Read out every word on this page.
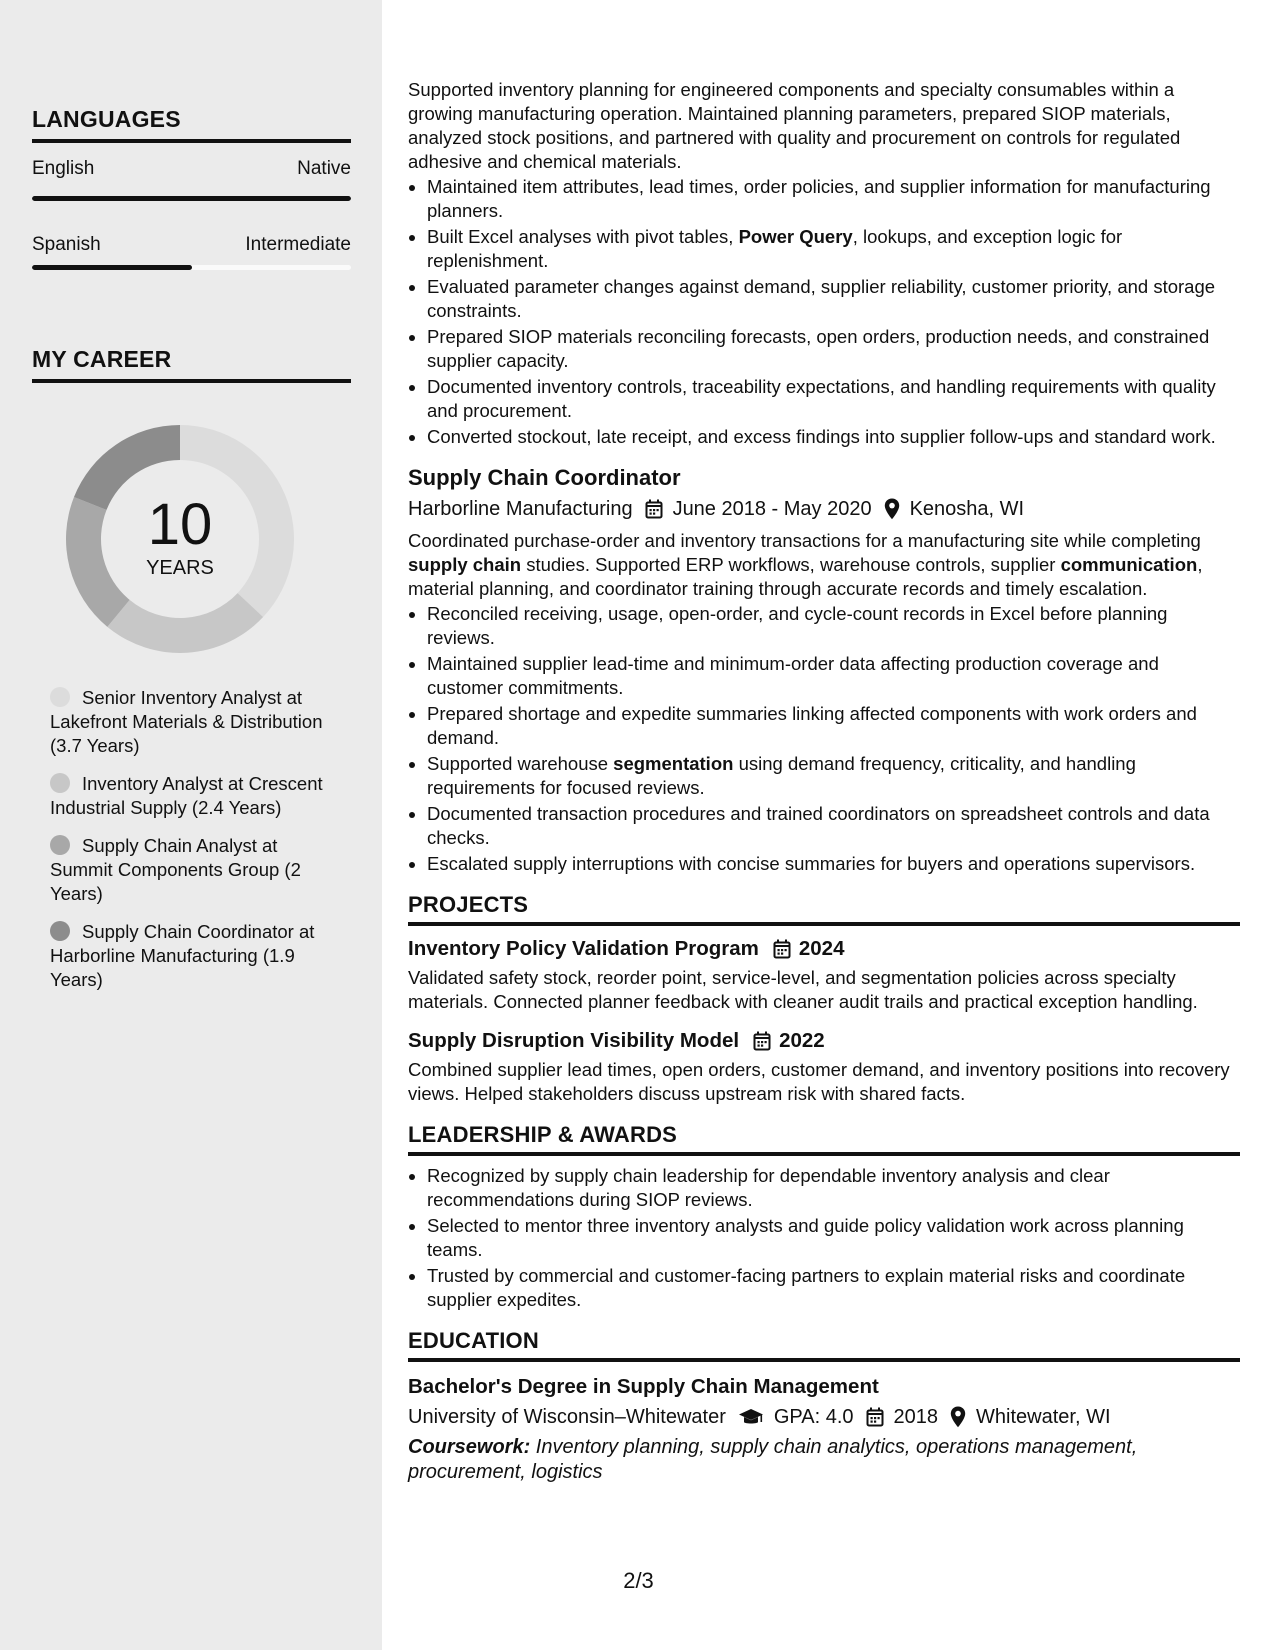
LANGUAGES
English	Native
Spanish	Intermediate
MY CAREER
10
YEARS
Senior Inventory Analyst at Lakefront Materials & Distribution (3.7 Years)
Inventory Analyst at Crescent Industrial Supply (2.4 Years)
Supply Chain Analyst at Summit Components Group (2 Years)
Supply Chain Coordinator at Harborline Manufacturing (1.9 Years)

Supported inventory planning for engineered components and specialty consumables within a growing manufacturing operation. Maintained planning parameters, prepared SIOP materials, analyzed stock positions, and partnered with quality and procurement on controls for regulated adhesive and chemical materials.

• Maintained item attributes, lead times, order policies, and supplier information for manufacturing planners.
• Built Excel analyses with pivot tables, Power Query, lookups, and exception logic for replenishment.
• Evaluated parameter changes against demand, supplier reliability, customer priority, and storage constraints.
• Prepared SIOP materials reconciling forecasts, open orders, production needs, and constrained supplier capacity.
• Documented inventory controls, traceability expectations, and handling requirements with quality and procurement.
• Converted stockout, late receipt, and excess findings into supplier follow-ups and standard work.
Supply Chain Coordinator
Harborline Manufacturing June 2018 - May 2020 Kenosha, WI
Coordinated purchase-order and inventory transactions for a manufacturing site while completing supply chain studies. Supported ERP workflows, warehouse controls, supplier communication, material planning, and coordinator training through accurate records and timely escalation.
• Reconciled receiving, usage, open-order, and cycle-count records in Excel before planning reviews.
• Maintained supplier lead-time and minimum-order data affecting production coverage and customer commitments.
• Prepared shortage and expedite summaries linking affected components with work orders and demand.
• Supported warehouse segmentation using demand frequency, criticality, and handling requirements for focused reviews.
• Documented transaction procedures and trained coordinators on spreadsheet controls and data checks.
• Escalated supply interruptions with concise summaries for buyers and operations supervisors.
PROJECTS
Inventory Policy Validation Program 2024
Validated safety stock, reorder point, service-level, and segmentation policies across specialty materials. Connected planner feedback with cleaner audit trails and practical exception handling.
Supply Disruption Visibility Model 2022
Combined supplier lead times, open orders, customer demand, and inventory positions into recovery views. Helped stakeholders discuss upstream risk with shared facts.
LEADERSHIP & AWARDS
• Recognized by supply chain leadership for dependable inventory analysis and clear recommendations during SIOP reviews.
• Selected to mentor three inventory analysts and guide policy validation work across planning teams.
• Trusted by commercial and customer-facing partners to explain material risks and coordinate supplier expedites.
EDUCATION
Bachelor's Degree in Supply Chain Management
University of Wisconsin–Whitewater GPA: 4.0 2018 Whitewater, WI
Coursework: Inventory planning, supply chain analytics, operations management, procurement, logistics
2/3
